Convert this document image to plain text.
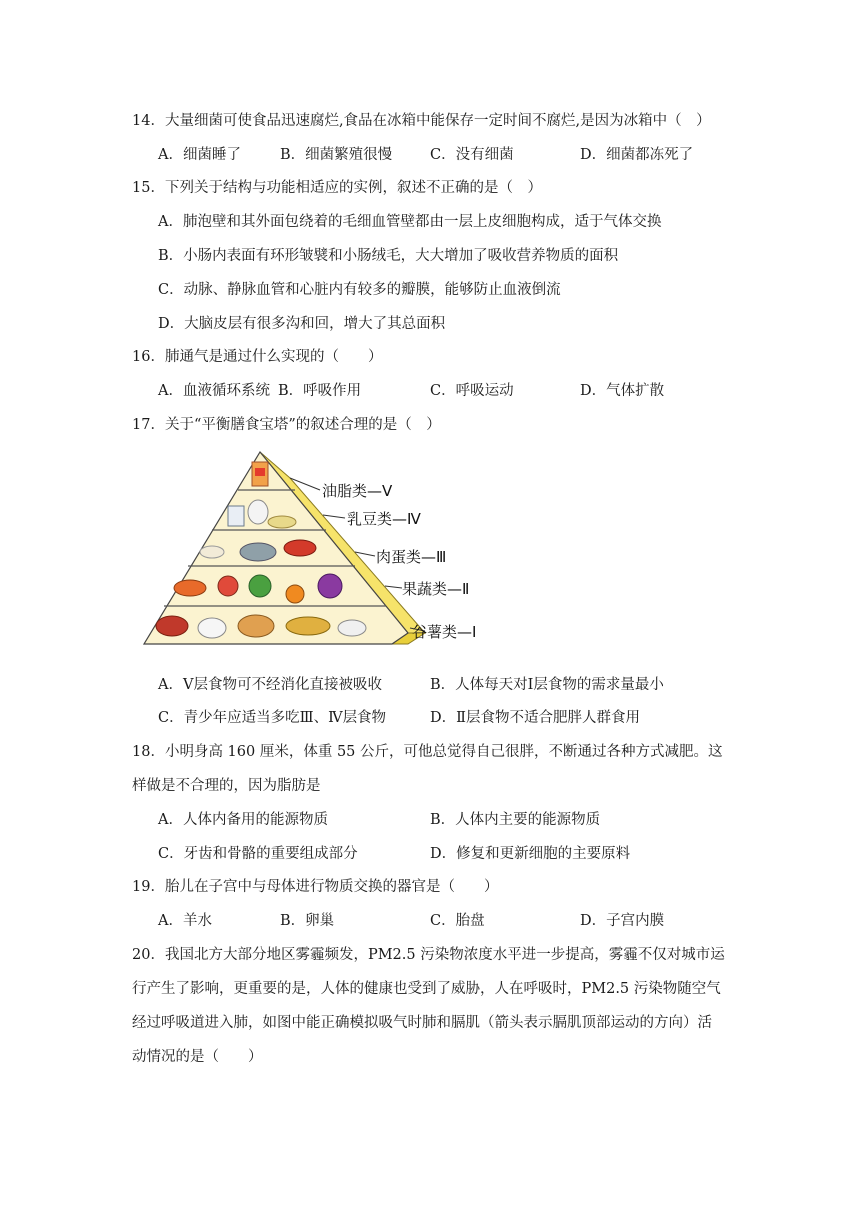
14．大量细菌可使食品迅速腐烂,食品在冰箱中能保存一定时间不腐烂,是因为冰箱中（　）
A．细菌睡了	B．细菌繁殖很慢	C．没有细菌	D．细菌都冻死了
15．下列关于结构与功能相适应的实例，叙述不正确的是（　）
A．肺泡壁和其外面包绕着的毛细血管壁都由一层上皮细胞构成，适于气体交换
B．小肠内表面有环形皱襞和小肠绒毛，大大增加了吸收营养物质的面积
C．动脉、静脉血管和心脏内有较多的瓣膜，能够防止血液倒流
D．大脑皮层有很多沟和回，增大了其总面积
16．肺通气是通过什么实现的（　　）
A．血液循环系统 B．呼吸作用	C．呼吸运动	D．气体扩散
17．关于“平衡膳食宝塔”的叙述合理的是（　）
油脂类—Ⅴ
乳豆类—Ⅳ
肉蛋类—Ⅲ
果蔬类—Ⅱ
谷薯类—Ⅰ
A．Ⅴ层食物可不经消化直接被吸收	B．人体每天对Ⅰ层食物的需求量最小
C．青少年应适当多吃Ⅲ、Ⅳ层食物	D．Ⅱ层食物不适合肥胖人群食用
18．小明身高 160 厘米，体重 55 公斤，可他总觉得自己很胖，不断通过各种方式减肥。这
样做是不合理的，因为脂肪是
A．人体内备用的能源物质	B．人体内主要的能源物质
C．牙齿和骨骼的重要组成部分	D．修复和更新细胞的主要原料
19．胎儿在子宫中与母体进行物质交换的器官是（　　）
A．羊水	B．卵巢	C．胎盘	D．子宫内膜
20．我国北方大部分地区雾霾频发，PM2.5 污染物浓度水平进一步提高，雾霾不仅对城市运
行产生了影响，更重要的是，人体的健康也受到了威胁，人在呼吸时，PM2.5 污染物随空气
经过呼吸道进入肺，如图中能正确模拟吸气时肺和膈肌（箭头表示膈肌顶部运动的方向）活
动情况的是（　　）
